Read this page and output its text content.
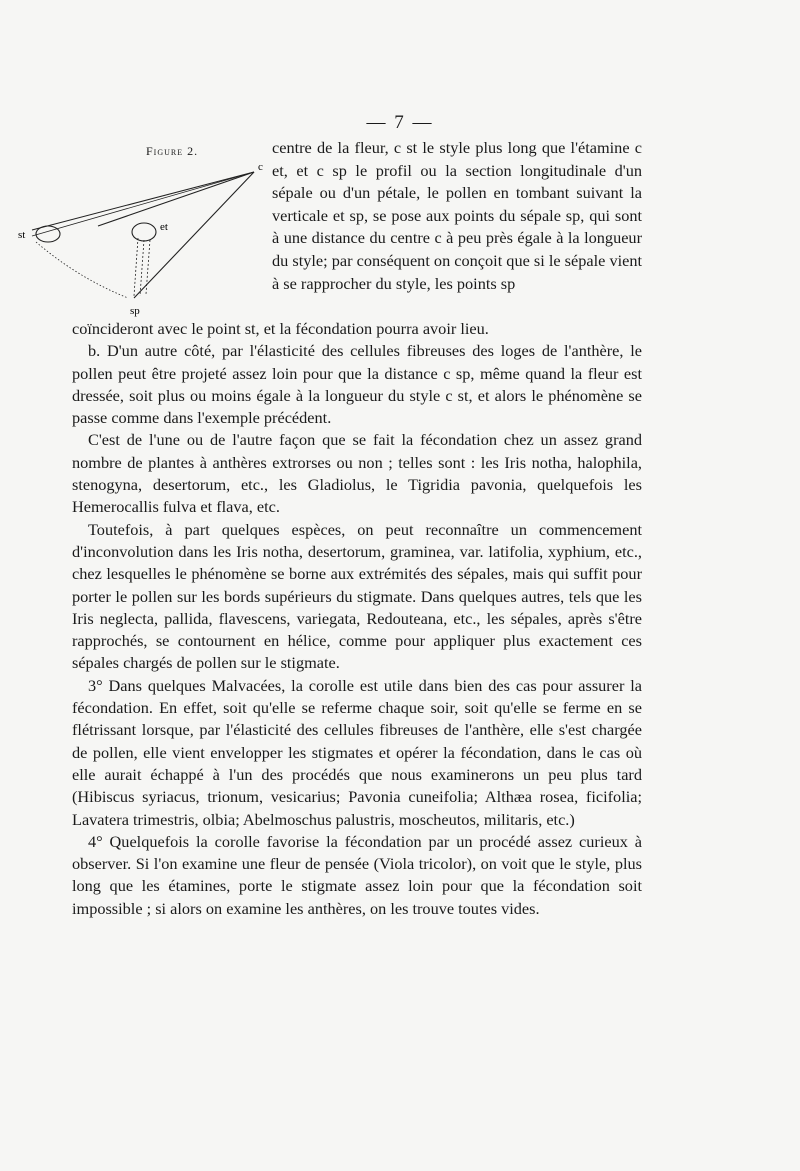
— 7 —
Figure 2.
c
st
et
sp

centre de la fleur, c st le style plus long que l'étamine c et, et c sp le profil ou la section longitudinale d'un sépale ou d'un pétale, le pollen en tombant suivant la verticale et sp, se pose aux points du sépale sp, qui sont à une distance du centre c à peu près égale à la longueur du style; par conséquent on conçoit que si le sépale vient à se rapprocher du style, les points sp

coïncideront avec le point st, et la fécondation pourra avoir lieu.

b. D'un autre côté, par l'élasticité des cellules fibreuses des loges de l'anthère, le pollen peut être projeté assez loin pour que la distance c sp, même quand la fleur est dressée, soit plus ou moins égale à la longueur du style c st, et alors le phénomène se passe comme dans l'exemple précédent.

C'est de l'une ou de l'autre façon que se fait la fécondation chez un assez grand nombre de plantes à anthères extrorses ou non ; telles sont : les Iris notha, halophila, stenogyna, desertorum, etc., les Gladiolus, le Tigridia pavonia, quelquefois les Hemerocallis fulva et flava, etc.

Toutefois, à part quelques espèces, on peut reconnaître un commencement d'inconvolution dans les Iris notha, desertorum, graminea, var. latifolia, xyphium, etc., chez lesquelles le phénomène se borne aux extrémités des sépales, mais qui suffit pour porter le pollen sur les bords supérieurs du stigmate. Dans quelques autres, tels que les Iris neglecta, pallida, flavescens, variegata, Redouteana, etc., les sépales, après s'être rapprochés, se contournent en hélice, comme pour appliquer plus exactement ces sépales chargés de pollen sur le stigmate.

3° Dans quelques Malvacées, la corolle est utile dans bien des cas pour assurer la fécondation. En effet, soit qu'elle se referme chaque soir, soit qu'elle se ferme en se flétrissant lorsque, par l'élasticité des cellules fibreuses de l'anthère, elle s'est chargée de pollen, elle vient envelopper les stigmates et opérer la fécondation, dans le cas où elle aurait échappé à l'un des procédés que nous examinerons un peu plus tard (Hibiscus syriacus, trionum, vesicarius; Pavonia cuneifolia; Althæa rosea, ficifolia; Lavatera trimestris, olbia; Abelmoschus palustris, moscheutos, militaris, etc.)

4° Quelquefois la corolle favorise la fécondation par un procédé assez curieux à observer. Si l'on examine une fleur de pensée (Viola tricolor), on voit que le style, plus long que les étamines, porte le stigmate assez loin pour que la fécondation soit impossible ; si alors on examine les anthères, on les trouve toutes vides.
